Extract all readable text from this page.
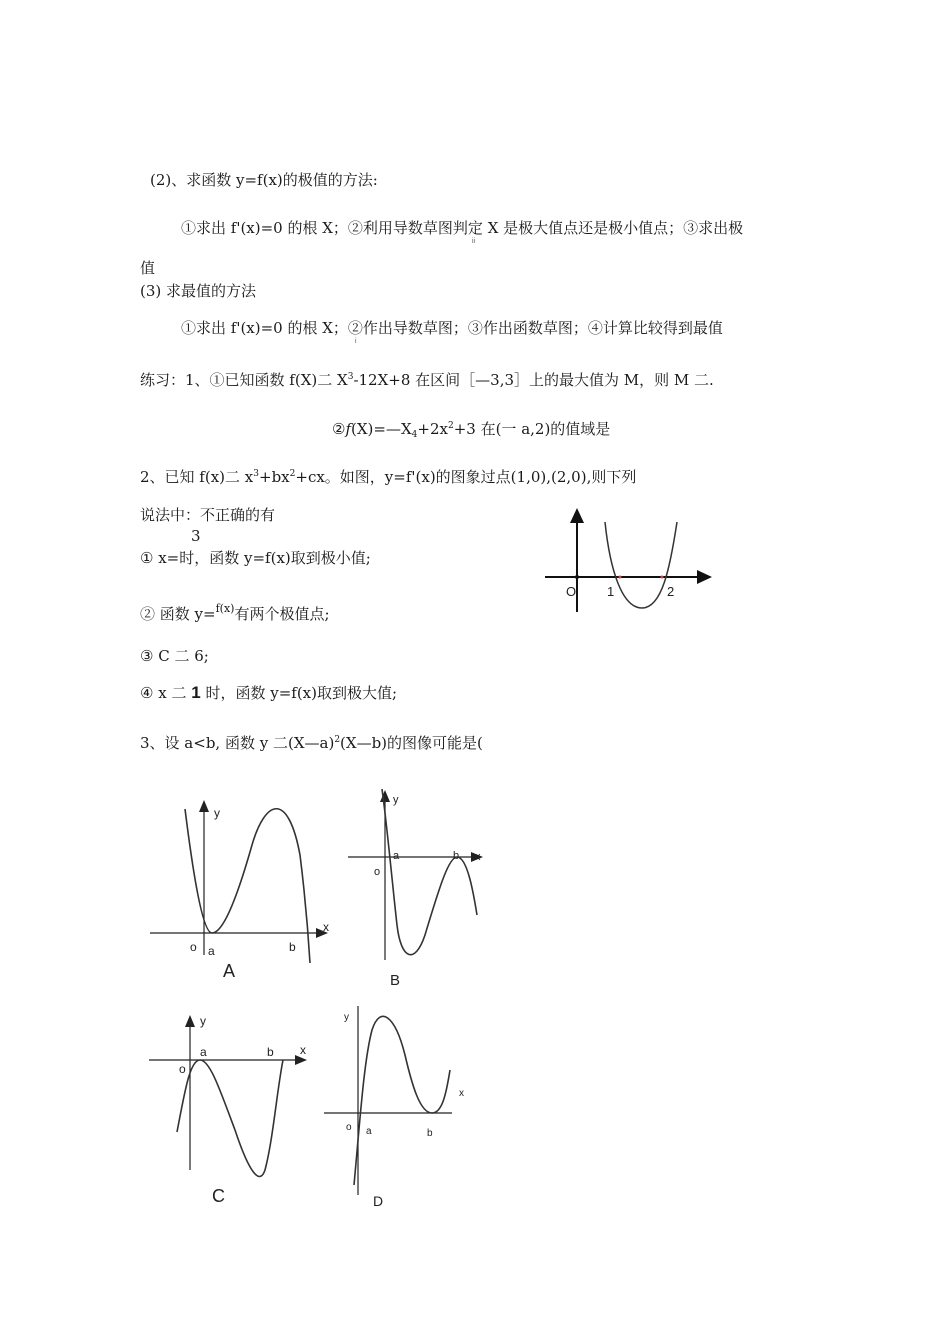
(2)、求函数 y=f(x)的极值的方法:
①求出 f'(x)=0 的根 X；②利用导数草图判定 X 是极大值点还是极小值点；③求出极
ii
值
(3) 求最值的方法
①求出 f'(x)=0 的根 X；②作出导数草图；③作出函数草图；④计算比较得到最值
i
练习：1、①已知函数 f(X)二 $X^3-12X+8$ 在区间［—3,3］上的最大值为 M，则 M 二.
$②f(X)=—X_4+2x^2+3$ 在(一 a,2)的值域是
2、已知 f(x)二 $x^3+bx^2+cx$。如图，y=f'(x)的图象过点(1,0),(2,0),则下列
说法中：不正确的有
3
① x=时，函数 y=f(x)取到极小值;
② 函数 y=$^{f(x)}$有两个极值点;
③ C 二 6;
④ x 二 1 时，函数 y=f(x)取到极大值;
O 1	2
3、设 a<b, 函数 y 二(X—a)$^2$(X—b)的图像可能是(
y
x
o a	b
A
y
x
o
a	b
B
y
x
o
a	b
C
y
x
o a	b
D
